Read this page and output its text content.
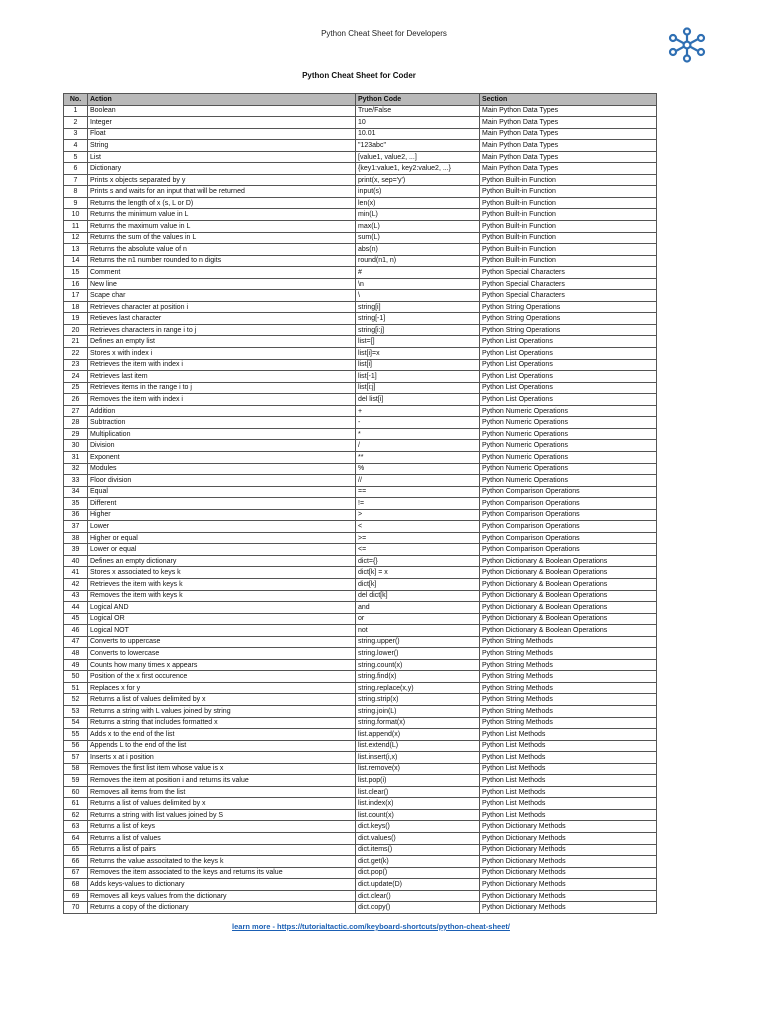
Python Cheat Sheet for Developers
Python Cheat Sheet for Coder
No.	Action	Python Code	Section
1	Boolean	True/False	Main Python Data Types
2	Integer	10	Main Python Data Types
3	Float	10.01	Main Python Data Types
4	String	"123abc"	Main Python Data Types
5	List	[value1, value2, ...]	Main Python Data Types
6	Dictionary	{key1:value1, key2:value2, ...}	Main Python Data Types
7	Prints x objects separated by y	print(x, sep='y')	Python Built-in Function
8	Prints s and waits for an input that will be returned	input(s)	Python Built-in Function
9	Returns the length of x (s, L or D)	len(x)	Python Built-in Function
10	Returns the minimum value in L	min(L)	Python Built-in Function
11	Returns the maximum value in L	max(L)	Python Built-in Function
12	Returns the sum of the values in L	sum(L)	Python Built-in Function
13	Returns the absolute value of n	abs(n)	Python Built-in Function
14	Returns the n1 number rounded to n digits	round(n1, n)	Python Built-in Function
15	Comment	#	Python Special Characters
16	New line	\n	Python Special Characters
17	Scape char	\	Python Special Characters
18	Retrieves character at position i	string[i]	Python String Operations
19	Retieves last character	string[-1]	Python String Operations
20	Retrieves characters in range i to j	string[i:j]	Python String Operations
21	Defines an empty list	list=[]	Python List Operations
22	Stores x with index i	list[i]=x	Python List Operations
23	Retrieves the item with index i	list[i]	Python List Operations
24	Retrieves last item	list[-1]	Python List Operations
25	Retrieves items in the range i to j	list[i:j]	Python List Operations
26	Removes the item with index i	del list[i]	Python List Operations
27	Addition	+	Python Numeric Operations
28	Subtraction	-	Python Numeric Operations
29	Multiplication	*	Python Numeric Operations
30	Division	/	Python Numeric Operations
31	Exponent	**	Python Numeric Operations
32	Modules	%	Python Numeric Operations
33	Floor division	//	Python Numeric Operations
34	Equal	==	Python Comparison Operations
35	Different	!=	Python Comparison Operations
36	Higher	>	Python Comparison Operations
37	Lower	<	Python Comparison Operations
38	Higher or equal	>=	Python Comparison Operations
39	Lower or equal	<=	Python Comparison Operations
40	Defines an empty dictionary	dict={}	Python Dictionary & Boolean Operations
41	Stores x associated to keys k	dict[k] = x	Python Dictionary & Boolean Operations
42	Retrieves the item with keys k	dict[k]	Python Dictionary & Boolean Operations
43	Removes the item with keys k	del dict[k]	Python Dictionary & Boolean Operations
44	Logical AND	and	Python Dictionary & Boolean Operations
45	Logical OR	or	Python Dictionary & Boolean Operations
46	Logical NOT	not	Python Dictionary & Boolean Operations
47	Converts to uppercase	string.upper()	Python String Methods
48	Converts to lowercase	string.lower()	Python String Methods
49	Counts how many times x appears	string.count(x)	Python String Methods
50	Position of the x first occurence	string.find(x)	Python String Methods
51	Replaces x for y	string.replace(x,y)	Python String Methods
52	Returns a list of values delimited by x	string.strip(x)	Python String Methods
53	Returns a string with L values joined by string	string.join(L)	Python String Methods
54	Returns a string that includes formatted x	string.format(x)	Python String Methods
55	Adds x to the end of the list	list.append(x)	Python List Methods
56	Appends L to the end of the list	list.extend(L)	Python List Methods
57	Inserts x at i position	list.insert(i,x)	Python List Methods
58	Removes the first list item whose value is x	list.remove(x)	Python List Methods
59	Removes the item at position i and returns its value	list.pop(i)	Python List Methods
60	Removes all items from the list	list.clear()	Python List Methods
61	Returns a list of values delimited by x	list.index(x)	Python List Methods
62	Returns a string with list values joined by S	list.count(x)	Python List Methods
63	Returns a list of keys	dict.keys()	Python Dictionary Methods
64	Returns a list of values	dict.values()	Python Dictionary Methods
65	Returns a list of pairs	dict.items()	Python Dictionary Methods
66	Returns the value associtated to the keys k	dict.get(k)	Python Dictionary Methods
67	Removes the item associated to the keys and returns its value	dict.pop()	Python Dictionary Methods
68	Adds keys-values to dictionary	dict.update(D)	Python Dictionary Methods
69	Removes all keys values from the dictionary	dict.clear()	Python Dictionary Methods
70	Returns a copy of the dictionary	dict.copy()	Python Dictionary Methods
learn more - https://tutorialtactic.com/keyboard-shortcuts/python-cheat-sheet/
